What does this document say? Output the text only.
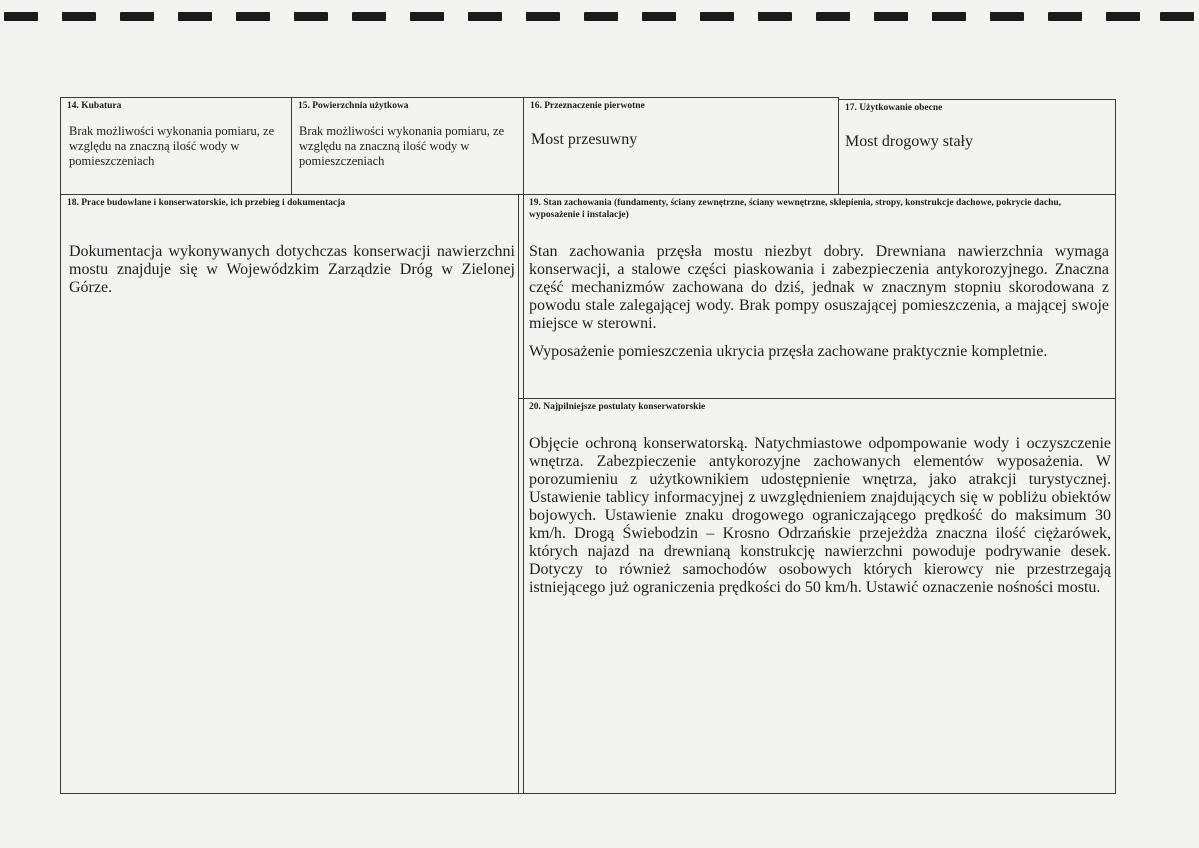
14. Kubatura
Brak możliwości wykonania pomiaru, ze względu na znaczną ilość wody w pomieszczeniach
15. Powierzchnia użytkowa
Brak możliwości wykonania pomiaru, ze względu na znaczną ilość wody w pomieszczeniach
16. Przeznaczenie pierwotne
Most przesuwny
17. Użytkowanie obecne
Most drogowy stały
18. Prace budowlane i konserwatorskie, ich przebieg i dokumentacja
Dokumentacja wykonywanych dotychczas konserwacji nawierzchni mostu znajduje się w Wojewódzkim Zarządzie Dróg w Zielonej Górze.
19. Stan zachowania (fundamenty, ściany zewnętrzne, ściany wewnętrzne, sklepienia, stropy, konstrukcje dachowe, pokrycie dachu, wyposażenie i instalacje)
Stan zachowania przęsła mostu niezbyt dobry. Drewniana nawierzchnia wymaga konserwacji, a stalowe części piaskowania i zabezpieczenia antykorozyjnego. Znaczna część mechanizmów zachowana do dziś, jednak w znacznym stopniu skorodowana z powodu stale zalegającej wody. Brak pompy osuszającej pomieszczenia, a mającej swoje miejsce w sterowni.
Wyposażenie pomieszczenia ukrycia przęsła zachowane praktycznie kompletnie.
20. Najpilniejsze postulaty konserwatorskie
Objęcie ochroną konserwatorską. Natychmiastowe odpompowanie wody i oczyszczenie wnętrza. Zabezpieczenie antykorozyjne zachowanych elementów wyposażenia. W porozumieniu z użytkownikiem udostępnienie wnętrza, jako atrakcji turystycznej. Ustawienie tablicy informacyjnej z uwzględnieniem znajdujących się w pobliżu obiektów bojowych. Ustawienie znaku drogowego ograniczającego prędkość do maksimum 30 km/h. Drogą Świebodzin – Krosno Odrzańskie przejeżdża znaczna ilość ciężarówek, których najazd na drewnianą konstrukcję nawierzchni powoduje podrywanie desek. Dotyczy to również samochodów osobowych których kierowcy nie przestrzegają istniejącego już ograniczenia prędkości do 50 km/h. Ustawić oznaczenie nośności mostu.
